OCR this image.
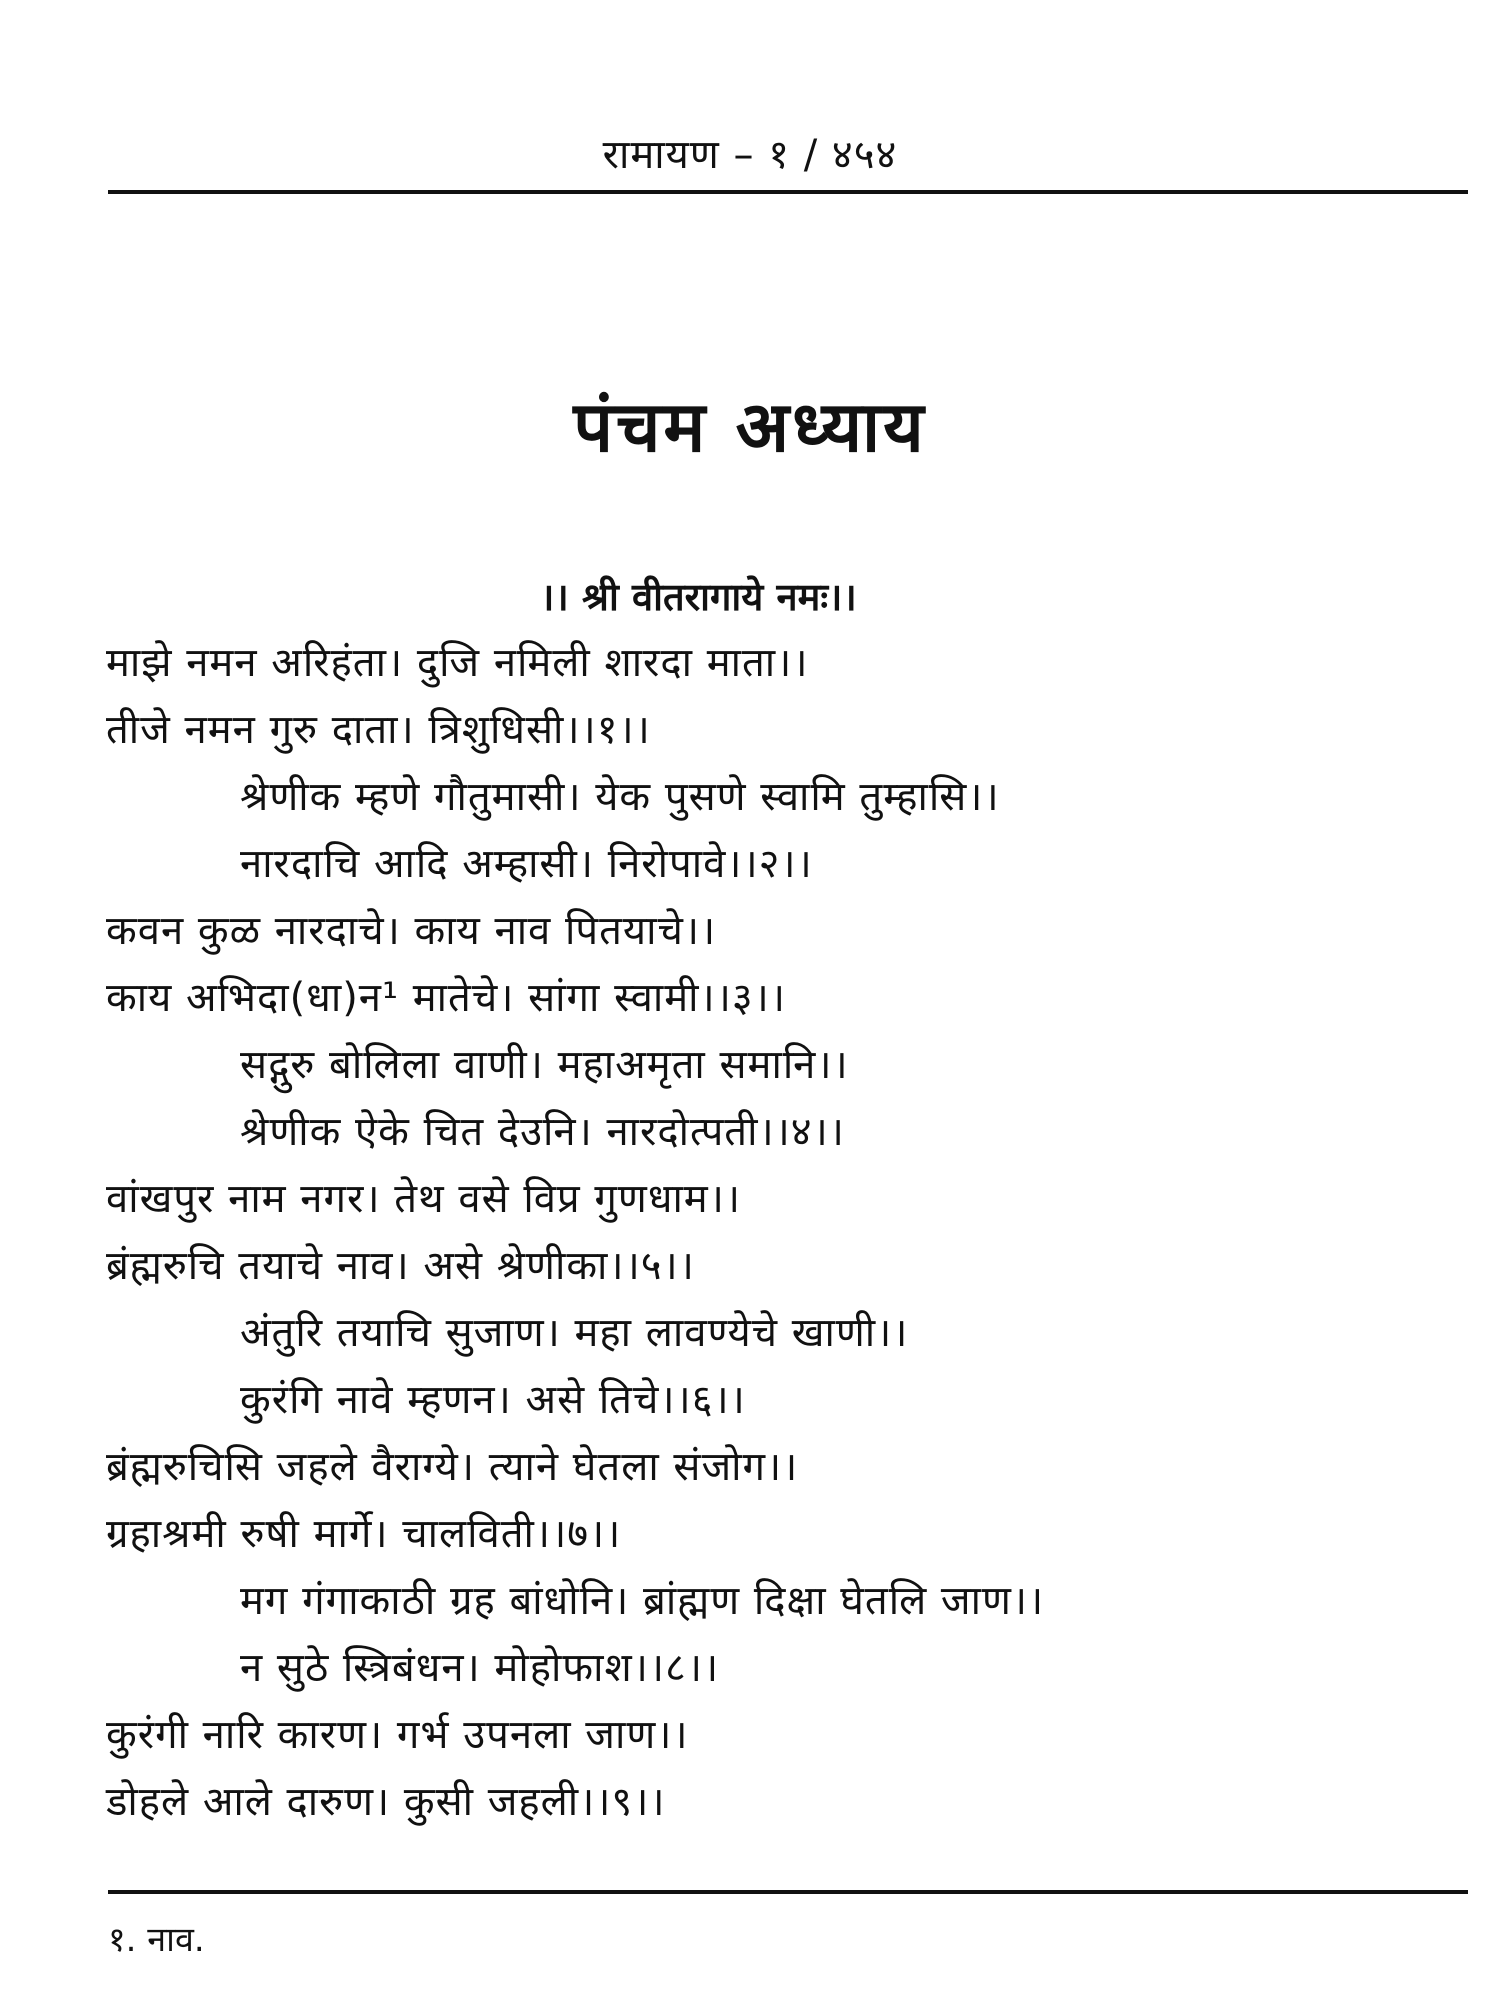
रामायण – १ / ४५४
पंचम अध्याय
।। श्री वीतरागाये नमः।।
माझे नमन अरिहंता। दुजि नमिली शारदा माता।।
तीजे नमन गुरु दाता। त्रिशुधिसी।।१।।
श्रेणीक म्हणे गौतुमासी। येक पुसणे स्वामि तुम्हासि।।
नारदाचि आदि अम्हासी। निरोपावे।।२।।
कवन कुळ नारदाचे। काय नाव पितयाचे।।
काय अभिदा(धा)न¹ मातेचे। सांगा स्वामी।।३।।
सद्गुरु बोलिला वाणी। महाअमृता समानि।।
श्रेणीक ऐके चित देउनि। नारदोत्पती।।४।।
वांखपुर नाम नगर। तेथ वसे विप्र गुणधाम।।
ब्रंह्मरुचि तयाचे नाव। असे श्रेणीका।।५।।
अंतुरि तयाचि सुजाण। महा लावण्येचे खाणी।।
कुरंगि नावे म्हणन। असे तिचे।।६।।
ब्रंह्मरुचिसि जहले वैराग्ये। त्याने घेतला संजोग।।
ग्रहाश्रमी रुषी मार्गे। चालविती।।७।।
मग गंगाकाठी ग्रह बांधोनि। ब्रांह्मण दिक्षा घेतलि जाण।।
न सुठे स्त्रिबंधन। मोहोफाश।।८।।
कुरंगी नारि कारण। गर्भ उपनला जाण।।
डोहले आले दारुण। कुसी जहली।।९।।
१. नाव.
